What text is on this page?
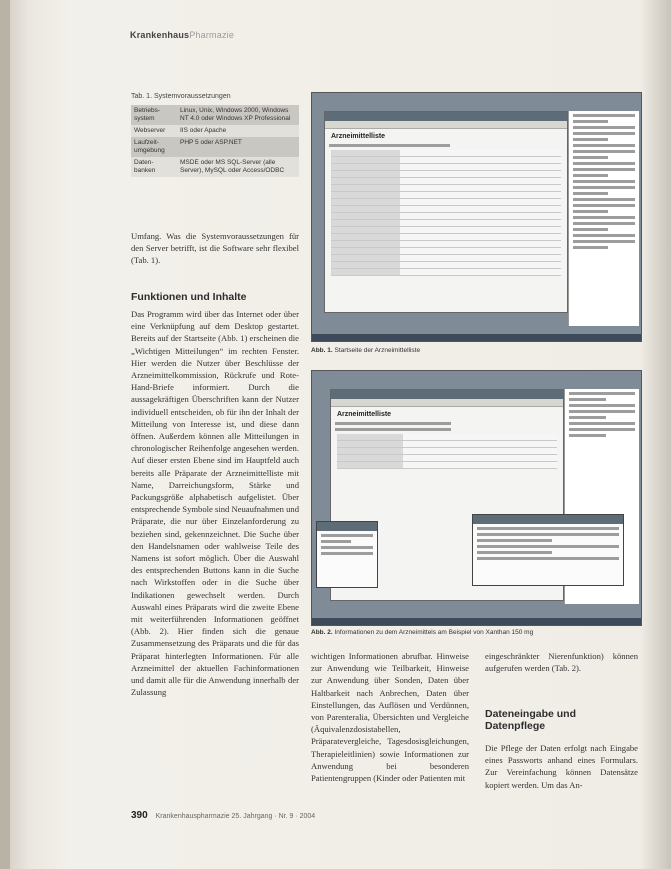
KrankenhausPharmazie
Tab. 1. Systemvoraussetzungen
Betriebs-system	Linux, Unix, Windows 2000, Windows NT 4.0 oder Windows XP Professional
Webserver	IIS oder Apache
Laufzeit-umgebung	PHP 5 oder ASP.NET
Daten-banken	MSDE oder MS SQL-Server (alle Server), MySQL oder Access/ODBC
Umfang. Was die Systemvoraussetzungen für den Server betrifft, ist die Software sehr flexibel (Tab. 1).
Funktionen und Inhalte
Das Programm wird über das Internet oder über eine Verknüpfung auf dem Desktop gestartet. Bereits auf der Startseite (Abb. 1) erscheinen die „Wichtigen Mitteilungen“ im rechten Fenster. Hier werden die Nutzer über Beschlüsse der Arzneimittelkommission, Rückrufe und Rote-Hand-Briefe informiert. Durch die aussagekräftigen Überschriften kann der Nutzer individuell entscheiden, ob für ihn der Inhalt der Mitteilung von Interesse ist, und diese dann öffnen. Außerdem können alle Mitteilungen in chronologischer Reihenfolge angesehen werden. Auf dieser ersten Ebene sind im Hauptfeld auch bereits alle Präparate der Arzneimittelliste mit Name, Darreichungsform, Stärke und Packungsgröße alphabetisch aufgelistet. Über entsprechende Symbole sind Neuaufnahmen und Präparate, die nur über Einzelanforderung zu beziehen sind, gekennzeichnet. Die Suche über den Handelsnamen oder wahlweise Teile des Namens ist sofort möglich. Über die Auswahl des entsprechenden Buttons kann in die Suche nach Wirkstoffen oder in die Suche über Indikationen gewechselt werden. Durch Auswahl eines Präparats wird die zweite Ebene mit weiterführenden Informationen geöffnet (Abb. 2). Hier finden sich die genaue Zusammensetzung des Präparats und die für das Präparat hinterlegten Informationen. Für alle Arzneimittel der aktuellen Fachinformationen und damit alle für die Anwendung innerhalb der Zulassung
Arzneimittelliste
Abb. 1. Startseite der Arzneimittelliste
Arzneimittelliste
Abb. 2. Informationen zu dem Arzneimittels am Beispiel von Xanthan 150 mg
wichtigen Informationen abrufbar. Hinweise zur Anwendung wie Teilbarkeit, Hinweise zur Anwendung über Sonden, Daten über Haltbarkeit nach Anbrechen, Daten über Einstellungen, das Auflösen und Verdünnen, von Parenteralia, Übersichten und Vergleiche (Äquivalenzdosistabellen, Präparatevergleiche, Tagesdosisgleichungen, Therapieleitlinien) sowie Informationen zur Anwendung bei besonderen Patientengruppen (Kinder oder Patienten mit
eingeschränkter Nierenfunktion) können aufgerufen werden (Tab. 2).
Dateneingabe und Datenpflege
Die Pflege der Daten erfolgt nach Eingabe eines Passworts anhand eines Formulars. Zur Vereinfachung können Datensätze kopiert werden. Um das An-
390 Krankenhauspharmazie 25. Jahrgang · Nr. 9 · 2004
